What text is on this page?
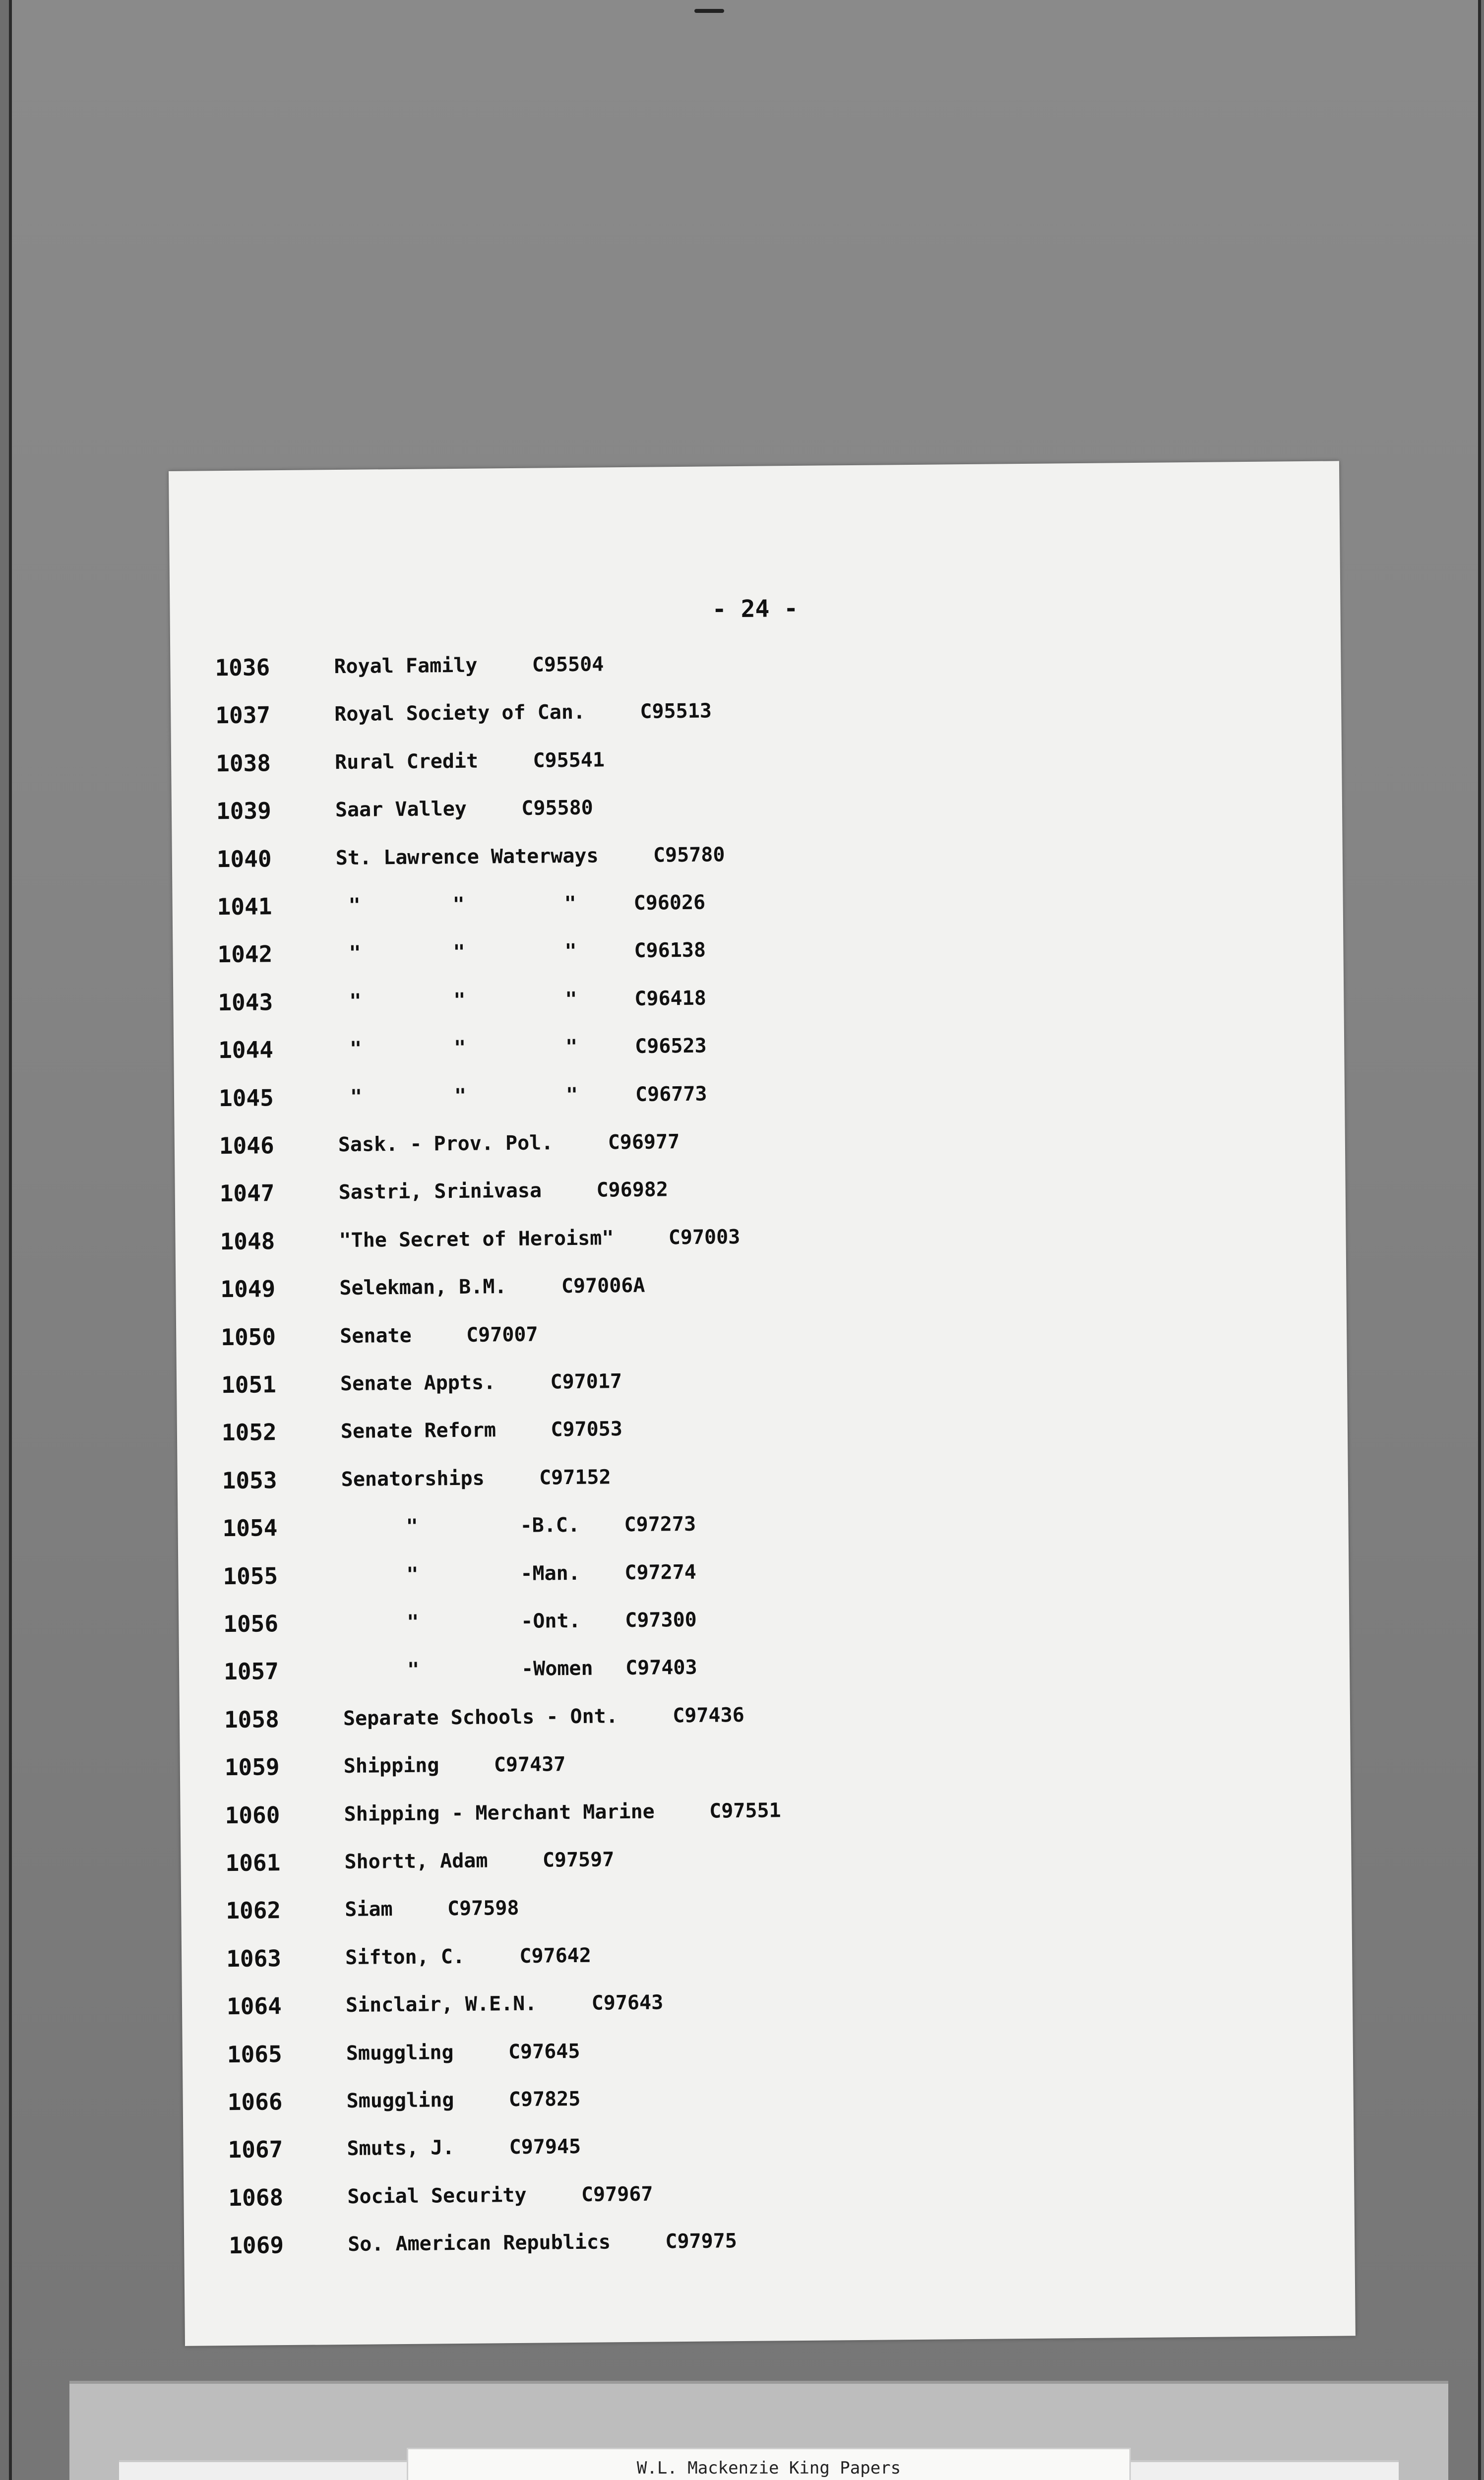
- 24 -
1036	Royal Family	C95504
1037	Royal Society of Can.	C95513
1038	Rural Credit	C95541
1039	Saar Valley	C95580
1040	St. Lawrence Waterways	C95780
1041	"	"	"	C96026
1042	"	"	"	C96138
1043	"	"	"	C96418
1044	"	"	"	C96523
1045	"	"	"	C96773
1046	Sask. - Prov. Pol.	C96977
1047	Sastri, Srinivasa	C96982
1048	"The Secret of Heroism"	C97003
1049	Selekman, B.M.	C97006A
1050	Senate	C97007
1051	Senate Appts.	C97017
1052	Senate Reform	C97053
1053	Senatorships	C97152
1054	"	-B.C. C97273
1055	"	-Man. C97274
1056	"	-Ont. C97300
1057	"	-Women C97403
1058	Separate Schools - Ont.	C97436
1059	Shipping	C97437
1060	Shipping - Merchant Marine	C97551
1061	Shortt, Adam	C97597
1062	Siam	C97598
1063	Sifton, C.	C97642
1064	Sinclair, W.E.N.	C97643
1065	Smuggling	C97645
1066	Smuggling	C97825
1067	Smuts, J.	C97945
1068	Social Security	C97967
1069	So. American Republics	C97975
W.L. Mackenzie King Papers
